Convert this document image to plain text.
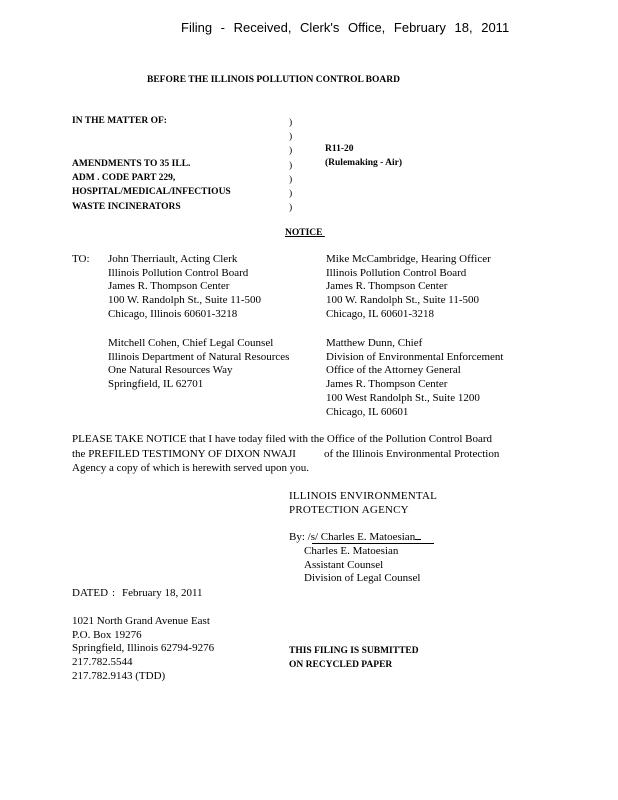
Filing - Received, Clerk's Office, February 18, 2011
BEFORE THE ILLINOIS POLLUTION CONTROL BOARD
IN THE MATTER OF:
AMENDMENTS TO 35 ILL.
ADM . CODE PART 229,
HOSPITAL/MEDICAL/INFECTIOUS
WASTE INCINERATORS
)
)
)
)
)
)
)
R11-20
(Rulemaking - Air)
NOTICE
TO: John Therriault, Acting Clerk
Illinois Pollution Control Board
James R. Thompson Center
100 W. Randolph St., Suite 11-500
Chicago, Illinois 60601-3218
Mitchell Cohen, Chief Legal Counsel
Illinois Department of Natural Resources
One Natural Resources Way
Springfield, IL 62701
Mike McCambridge, Hearing Officer
Illinois Pollution Control Board
James R. Thompson Center
100 W. Randolph St., Suite 11-500
Chicago, IL 60601-3218
Matthew Dunn, Chief
Division of Environmental Enforcement
Office of the Attorney General
James R. Thompson Center
100 West Randolph St., Suite 1200
Chicago, IL 60601
PLEASE TAKE NOTICE that I have today filed with the Office of the Pollution Control Board
the PREFILED TESTIMONY OF DIXON NWAJI	of the Illinois Environmental Protection
Agency a copy of which is herewith served upon you.
ILLINOIS ENVIRONMENTAL
PROTECTION AGENCY
By: /s/ Charles E. Matoesian
Charles E. Matoesian
Assistant Counsel
Division of Legal Counsel
DATED : February 18, 2011
1021 North Grand Avenue East
P.O. Box 19276
Springfield, Illinois 62794-9276
217.782.5544
217.782.9143 (TDD)
THIS FILING IS SUBMITTED
ON RECYCLED PAPER
